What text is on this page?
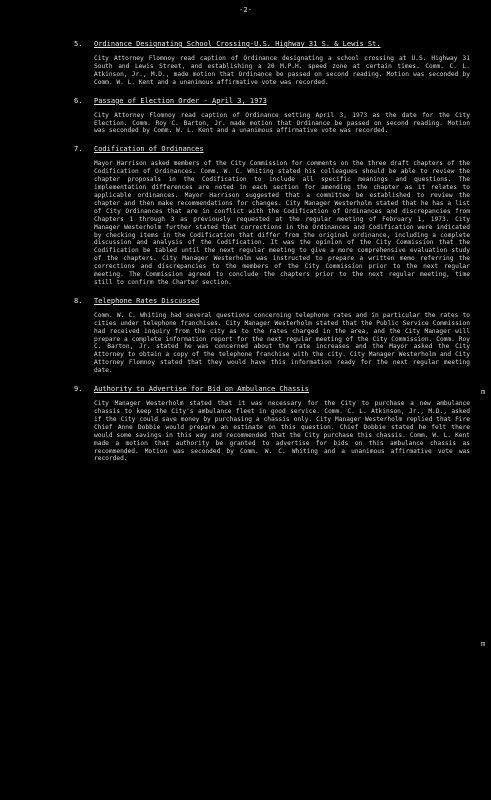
-2-
5.	Ordinance Designating School Crossing-U.S. Highway 31 S. & Lewis St.
City Attorney Flomnoy read caption of Ordinance designating a school crossing at U.S. Highway 31 South and Lewis Street, and establishing a 20 M.P.H. speed zone at certain times. Comm. C. L. Atkinson, Jr., M.D., made motion that Ordinance be passed on second reading. Motion was seconded by Comm. W. L. Kent and a unanimous affirmative vote was recorded.
6.	Passage of Election Order - April 3, 1973
City Attorney Flomnoy read caption of Ordinance setting April 3, 1973 as the date for the City Election. Comm. Roy C. Barton, Jr. made motion that Ordinance be passed on second reading. Motion was seconded by Comm. W. L. Kent and a unanimous affirmative vote was recorded.
7.	Codification of Ordinances
Mayor Harrison asked members of the City Commission for comments on the three draft chapters of the Codification of Ordinances. Comm. W. C. Whiting stated his colleagues should be able to review the chapter proposals in the Codification to include all specific meanings and questions. The implementation differences are noted in each section for amending the chapter as it relates to applicable ordinances. Mayor Harrison suggested that a committee be established to review the chapter and then make recommendations for changes. City Manager Westerholm stated that he has a list of City Ordinances that are in conflict with the Codification of Ordinances and discrepancies from Chapters 1 through 3 as previously requested at the regular meeting of February 1, 1973. City Manager Westerholm further stated that corrections in the Ordinances and Codification were indicated by checking items in the Codification that differ from the original ordinance, including a complete discussion and analysis of the Codification. It was the opinion of the City Commission that the Codification be tabled until the next regular meeting to give a more comprehensive evaluation study of the chapters. City Manager Westerholm was instructed to prepare a written memo referring the corrections and discrepancies to the members of the City Commission prior to the next regular meeting. The Commission agreed to conclude the chapters prior to the next regular meeting, time still to confirm the Charter section.
8.	Telephone Rates Discussed
Comm. W. C. Whiting had several questions concerning telephone rates and in particular the rates to cities under telephone franchises. City Manager Westerholm stated that the Public Service Commission had received inquiry from the city as to the rates charged in the area, and the City Manager will prepare a complete information report for the next regular meeting of the City Commission. Comm. Roy C. Barton, Jr. stated he was concerned about the rate increases and the Mayor asked the City Attorney to obtain a copy of the telephone franchise with the city. City Manager Westerholm and City Attorney Flomnoy stated that they would have this information ready for the next regular meeting date.
9.	Authority to Advertise for Bid on Ambulance Chassis
City Manager Westerholm stated that it was necessary for the City to purchase a new ambulance chassis to keep the City's ambulance fleet in good service. Comm. C. L. Atkinson, Jr., M.D., asked if the City could save money by purchasing a chassis only. City Manager Westerholm replied that Fire Chief Anne Dobbie would prepare an estimate on this question. Chief Dobbie stated he felt there would some savings in this way and recommended that the City purchase this chassis. Comm. W. L. Kent made a motion that authority be granted to advertise for bids on this ambulance chassis as recommended. Motion was seconded by Comm. W. C. Whiting and a unanimous affirmative vote was recorded.
m
m
